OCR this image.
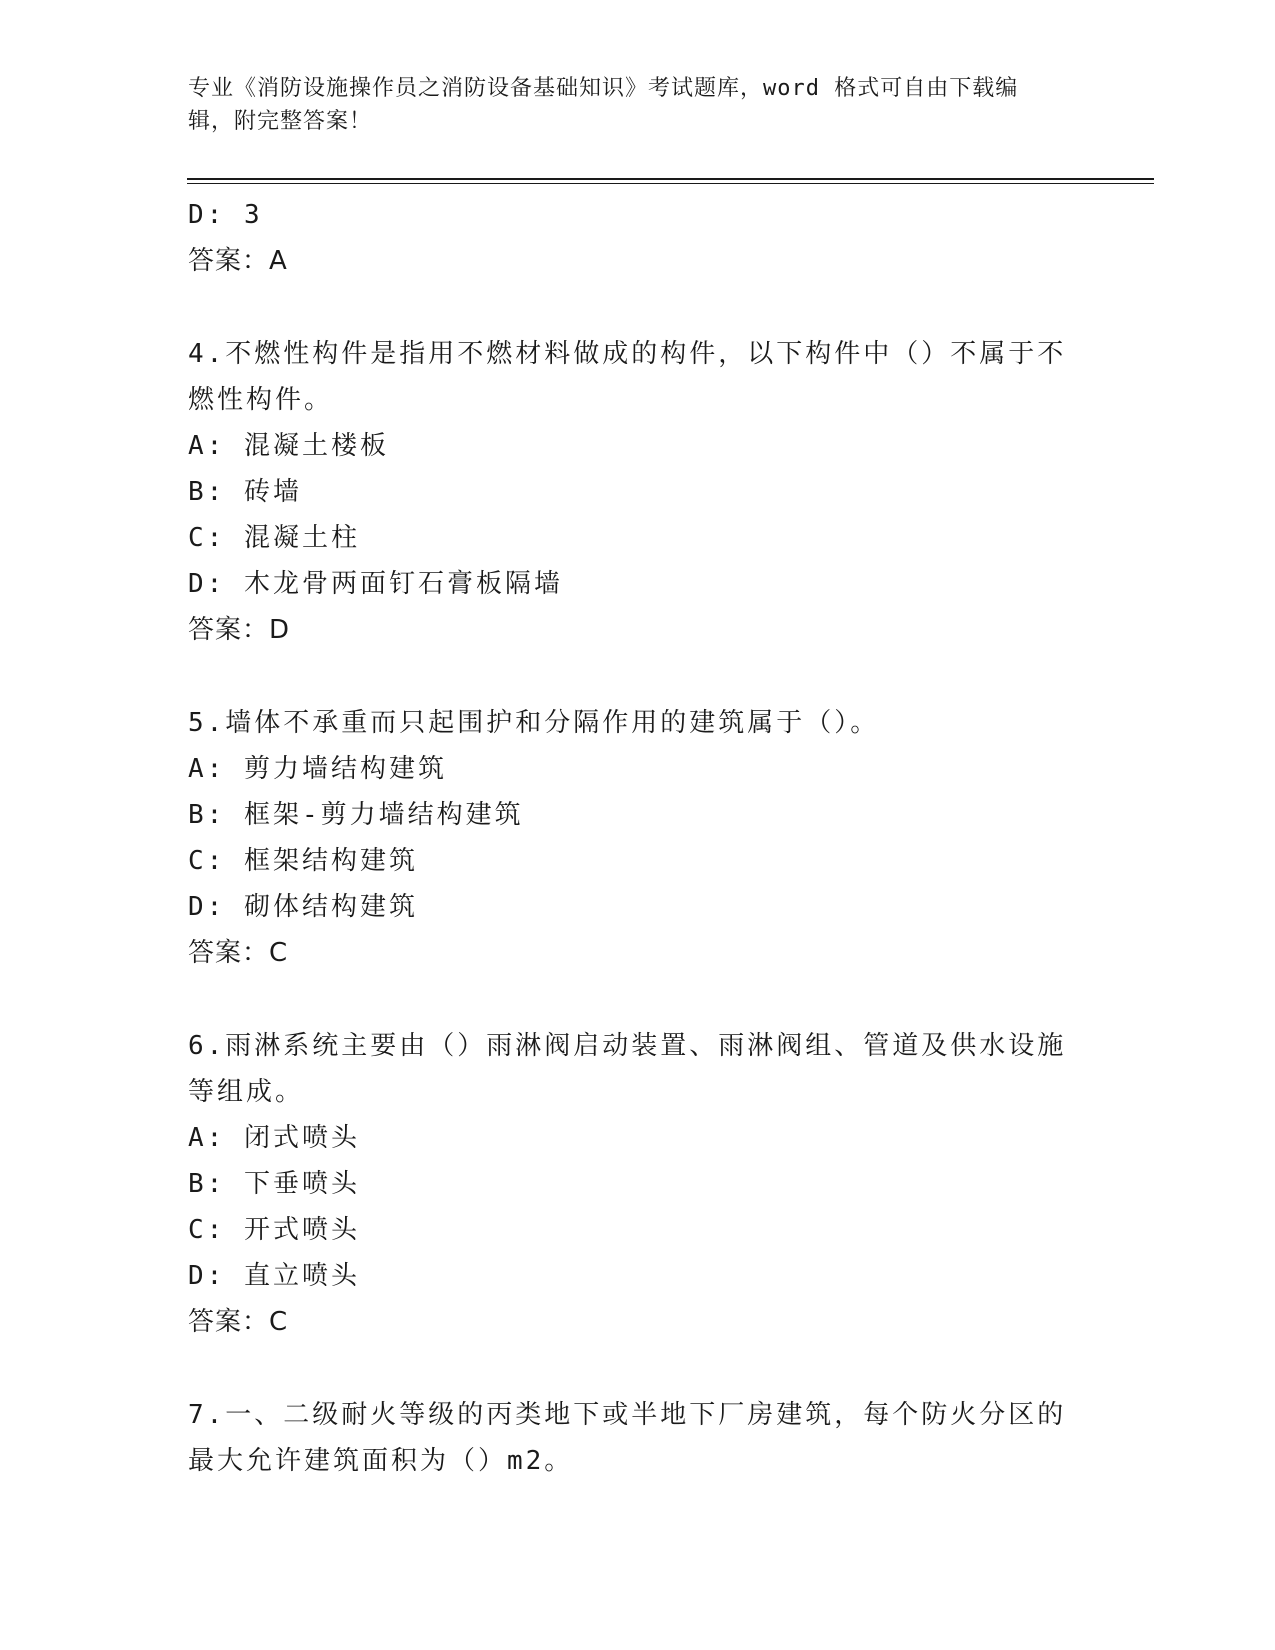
专业《消防设施操作员之消防设备基础知识》考试题库，word 格式可自由下载编
辑，附完整答案！
D: 3
答案：A
4.不燃性构件是指用不燃材料做成的构件，以下构件中（）不属于不
燃性构件。
A: 混凝土楼板
B: 砖墙
C: 混凝土柱
D: 木龙骨两面钉石膏板隔墙
答案：D
5.墙体不承重而只起围护和分隔作用的建筑属于（）。
A: 剪力墙结构建筑
B: 框架-剪力墙结构建筑
C: 框架结构建筑
D: 砌体结构建筑
答案：C
6.雨淋系统主要由（）雨淋阀启动装置、雨淋阀组、管道及供水设施
等组成。
A: 闭式喷头
B: 下垂喷头
C: 开式喷头
D: 直立喷头
答案：C
7.一、二级耐火等级的丙类地下或半地下厂房建筑，每个防火分区的
最大允许建筑面积为（）m2。
